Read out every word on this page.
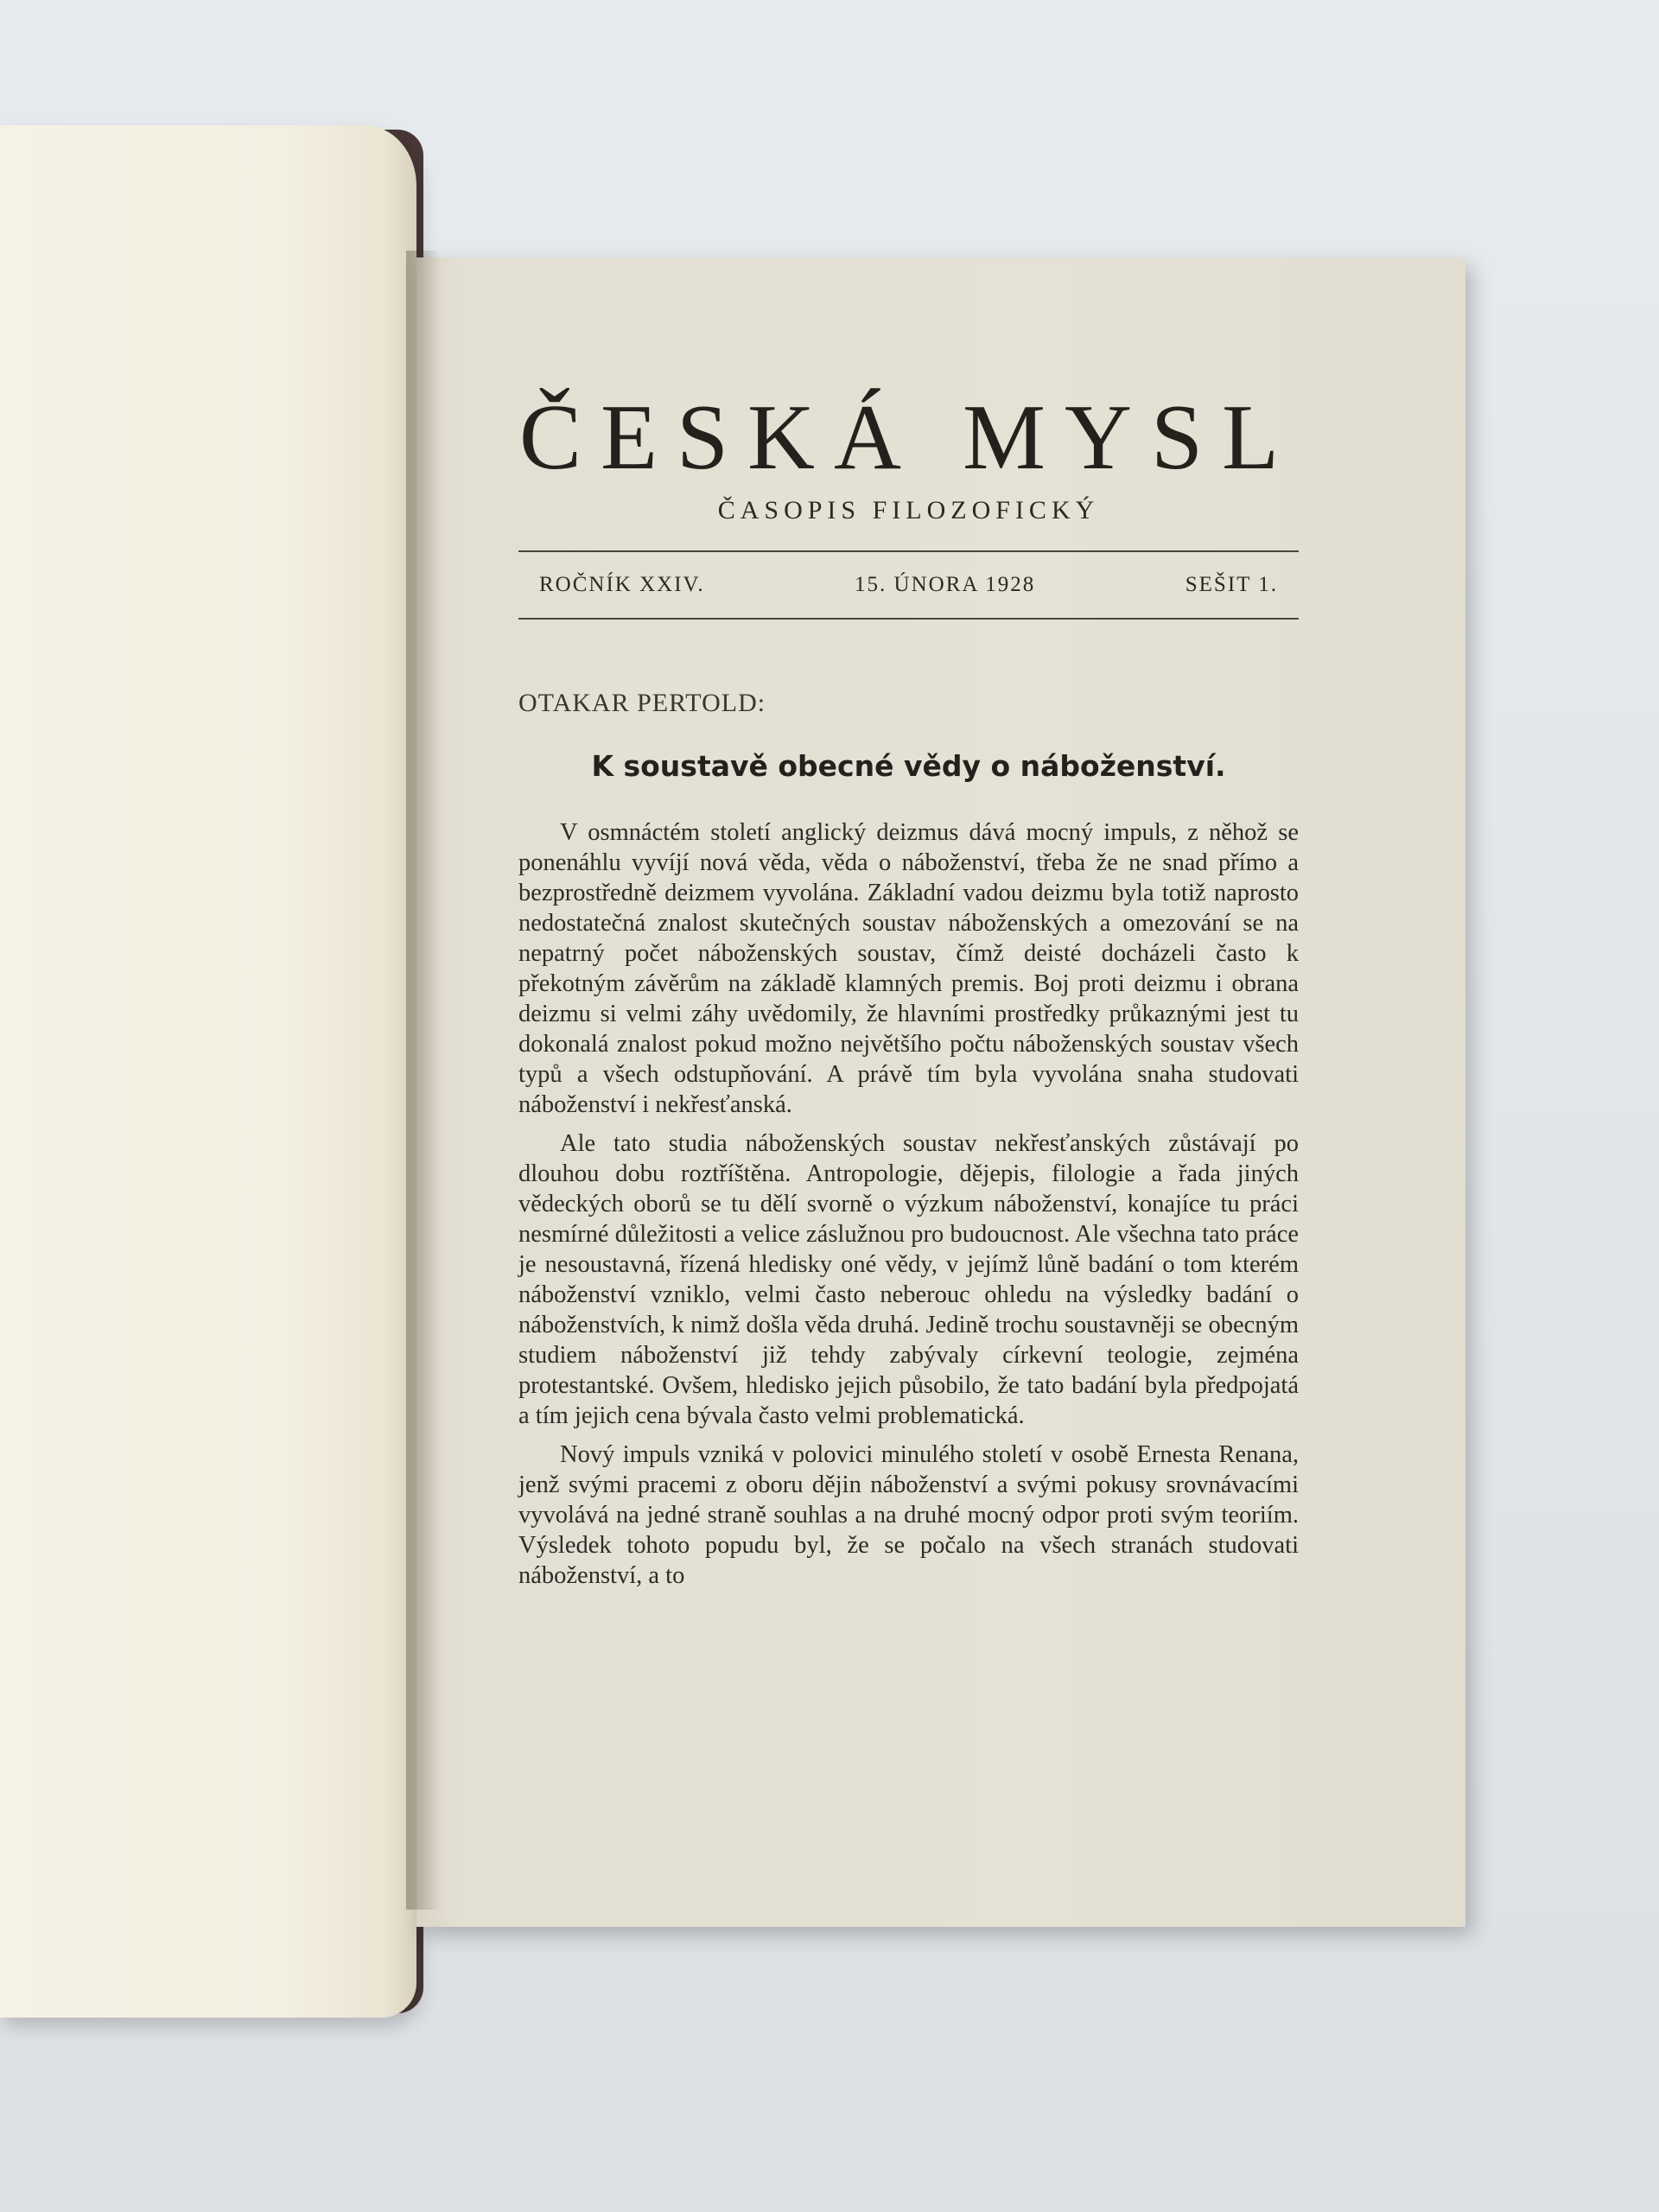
ČESKÁ MYSL
ČASOPIS FILOZOFICKÝ
ROČNÍK XXIV.	15. ÚNORA 1928	SEŠIT 1.
OTAKAR PERTOLD:
K soustavě obecné vědy o náboženství.

V osmnáctém století anglický deizmus dává mocný impuls, z něhož se ponenáhlu vyvíjí nová věda, věda o náboženství, třeba že ne snad přímo a bezprostředně deizmem vyvolána. Základní vadou deizmu byla totiž naprosto nedostatečná znalost skutečných soustav náboženských a omezování se na nepatrný počet náboženských soustav, čímž deisté docházeli často k překotným závěrům na základě klamných premis. Boj proti deizmu i obrana deizmu si velmi záhy uvědomily, že hlavními prostředky průkaznými jest tu dokonalá znalost pokud možno největšího počtu náboženských soustav všech typů a všech odstupňování. A právě tím byla vyvolána snaha studovati náboženství i nekřesťanská.

Ale tato studia náboženských soustav nekřesťanských zůstávají po dlouhou dobu roztříštěna. Antropologie, dějepis, filologie a řada jiných vědeckých oborů se tu dělí svorně o výzkum náboženství, konajíce tu práci nesmírné důležitosti a velice záslužnou pro budoucnost. Ale všechna tato práce je nesoustavná, řízená hledisky oné vědy, v jejímž lůně badání o tom kterém náboženství vzniklo, velmi často neberouc ohledu na výsledky badání o náboženstvích, k nimž došla věda druhá. Jedině trochu soustavněji se obecným studiem náboženství již tehdy zabývaly církevní teologie, zejména protestantské. Ovšem, hledisko jejich působilo, že tato badání byla předpojatá a tím jejich cena bývala často velmi problematická.

Nový impuls vzniká v polovici minulého století v osobě Ernesta Renana, jenž svými pracemi z oboru dějin náboženství a svými pokusy srovnávacími vyvolává na jedné straně souhlas a na druhé mocný odpor proti svým teoriím. Výsledek tohoto popudu byl, že se počalo na všech stranách studovati náboženství, a to
